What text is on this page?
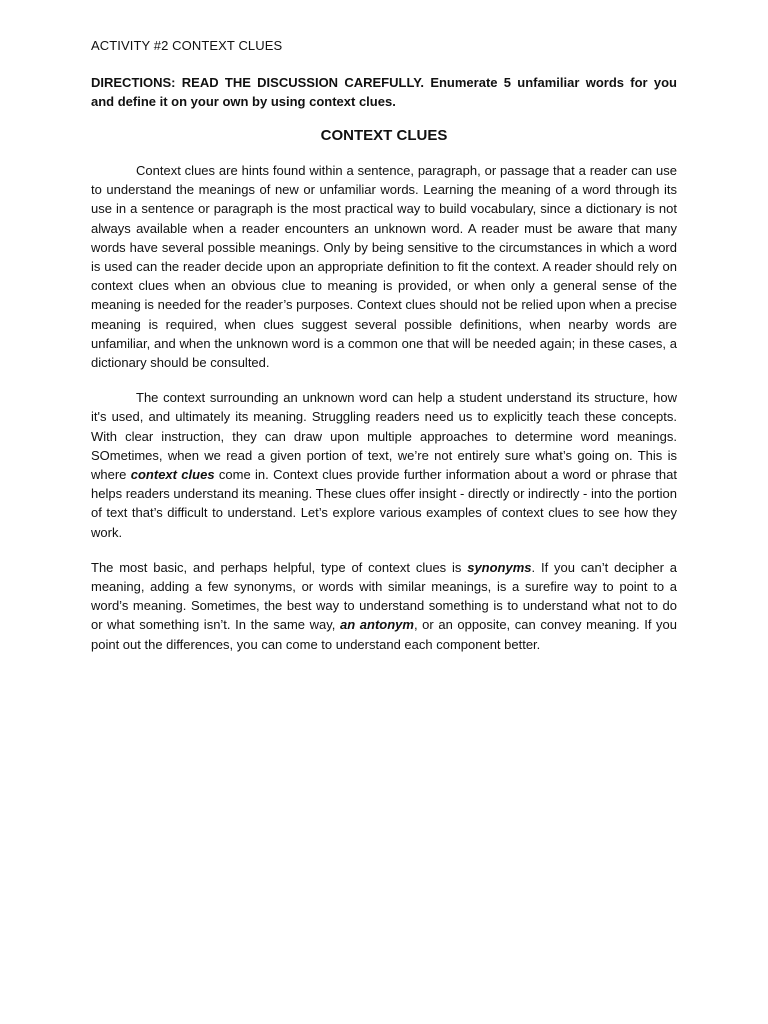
ACTIVITY #2 CONTEXT CLUES
DIRECTIONS: READ THE DISCUSSION CAREFULLY. Enumerate 5 unfamiliar words for you and define it on your own by using context clues.
CONTEXT CLUES

Context clues are hints found within a sentence, paragraph, or passage that a reader can use to understand the meanings of new or unfamiliar words. Learning the meaning of a word through its use in a sentence or paragraph is the most practical way to build vocabulary, since a dictionary is not always available when a reader encounters an unknown word. A reader must be aware that many words have several possible meanings. Only by being sensitive to the circumstances in which a word is used can the reader decide upon an appropriate definition to fit the context. A reader should rely on context clues when an obvious clue to meaning is provided, or when only a general sense of the meaning is needed for the reader’s purposes. Context clues should not be relied upon when a precise meaning is required, when clues suggest several possible definitions, when nearby words are unfamiliar, and when the unknown word is a common one that will be needed again; in these cases, a dictionary should be consulted.

The context surrounding an unknown word can help a student understand its structure, how it's used, and ultimately its meaning. Struggling readers need us to explicitly teach these concepts. With clear instruction, they can draw upon multiple approaches to determine word meanings. SOmetimes, when we read a given portion of text, we’re not entirely sure what’s going on. This is where context clues come in. Context clues provide further information about a word or phrase that helps readers understand its meaning. These clues offer insight - directly or indirectly - into the portion of text that’s difficult to understand. Let’s explore various examples of context clues to see how they work.

The most basic, and perhaps helpful, type of context clues is synonyms. If you can’t decipher a meaning, adding a few synonyms, or words with similar meanings, is a surefire way to point to a word’s meaning. Sometimes, the best way to understand something is to understand what not to do or what something isn’t. In the same way, an antonym, or an opposite, can convey meaning. If you point out the differences, you can come to understand each component better.
